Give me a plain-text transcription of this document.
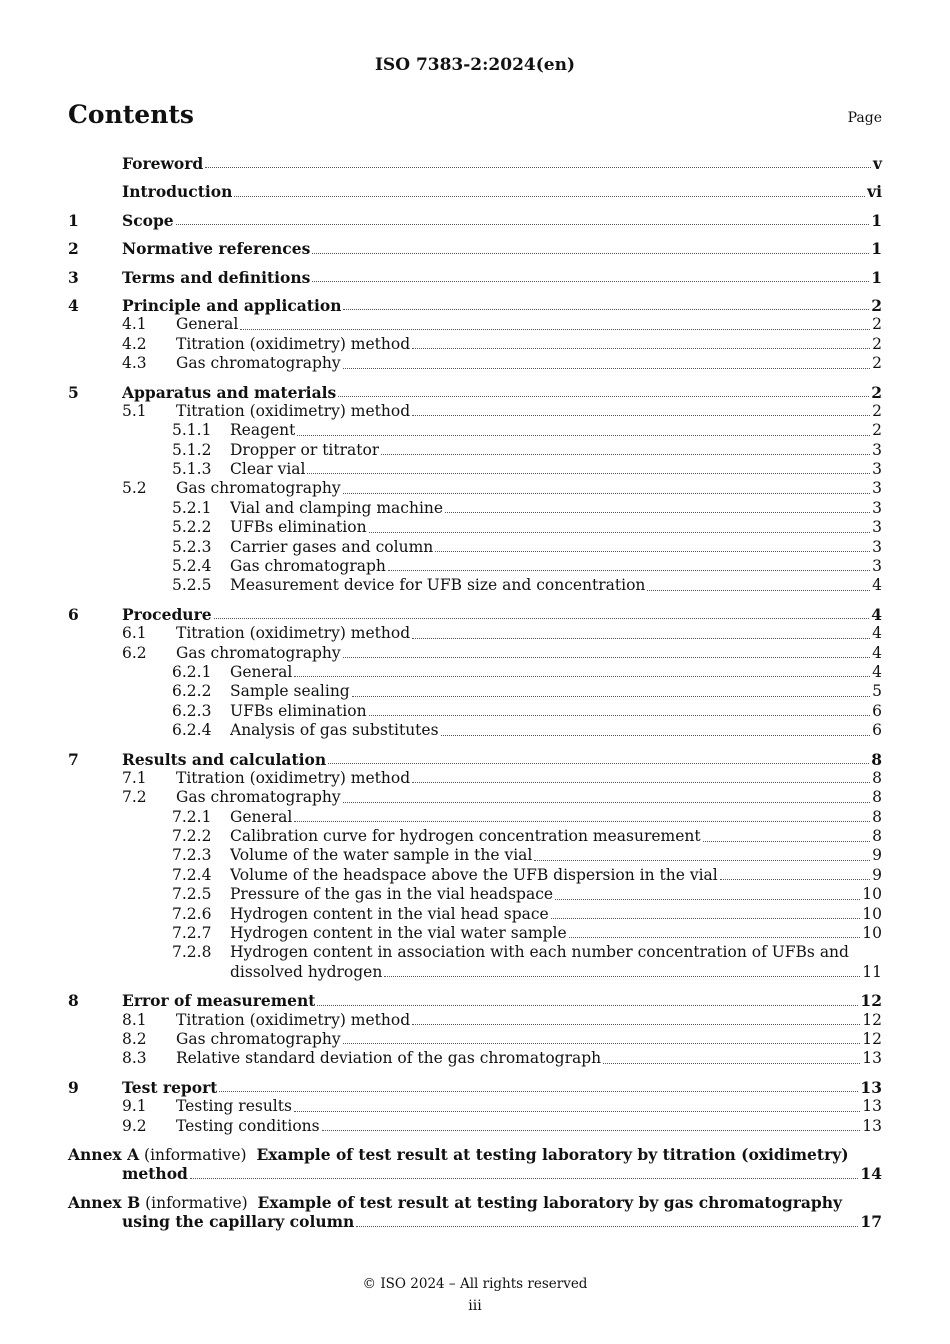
ISO 7383-2:2024(en)
Contents	Page
Foreword	v
Introduction	vi
1	Scope	1
2	Normative references	1
3	Terms and definitions	1
4	Principle and application	2
4.1	General	2
4.2	Titration (oxidimetry) method	2
4.3	Gas chromatography	2
5	Apparatus and materials	2
5.1	Titration (oxidimetry) method	2
5.1.1	Reagent	2
5.1.2	Dropper or titrator	3
5.1.3	Clear vial	3
5.2	Gas chromatography	3
5.2.1	Vial and clamping machine	3
5.2.2	UFBs elimination	3
5.2.3	Carrier gases and column	3
5.2.4	Gas chromatograph	3
5.2.5	Measurement device for UFB size and concentration	4
6	Procedure	4
6.1	Titration (oxidimetry) method	4
6.2	Gas chromatography	4
6.2.1	General	4
6.2.2	Sample sealing	5
6.2.3	UFBs elimination	6
6.2.4	Analysis of gas substitutes	6
7	Results and calculation	8
7.1	Titration (oxidimetry) method	8
7.2	Gas chromatography	8
7.2.1	General	8
7.2.2	Calibration curve for hydrogen concentration measurement	8
7.2.3	Volume of the water sample in the vial	9
7.2.4	Volume of the headspace above the UFB dispersion in the vial	9
7.2.5	Pressure of the gas in the vial headspace	10
7.2.6	Hydrogen content in the vial head space	10
7.2.7	Hydrogen content in the vial water sample	10
7.2.8	Hydrogen content in association with each number concentration of UFBs and
dissolved hydrogen	11
8	Error of measurement	12
8.1	Titration (oxidimetry) method	12
8.2	Gas chromatography	12
8.3	Relative standard deviation of the gas chromatograph	13
9	Test report	13
9.1	Testing results	13
9.2	Testing conditions	13
Annex A (informative) Example of test result at testing laboratory by titration (oxidimetry)
method	14
Annex B (informative) Example of test result at testing laboratory by gas chromatography
using the capillary column	17
© ISO 2024 – All rights reserved
iii
